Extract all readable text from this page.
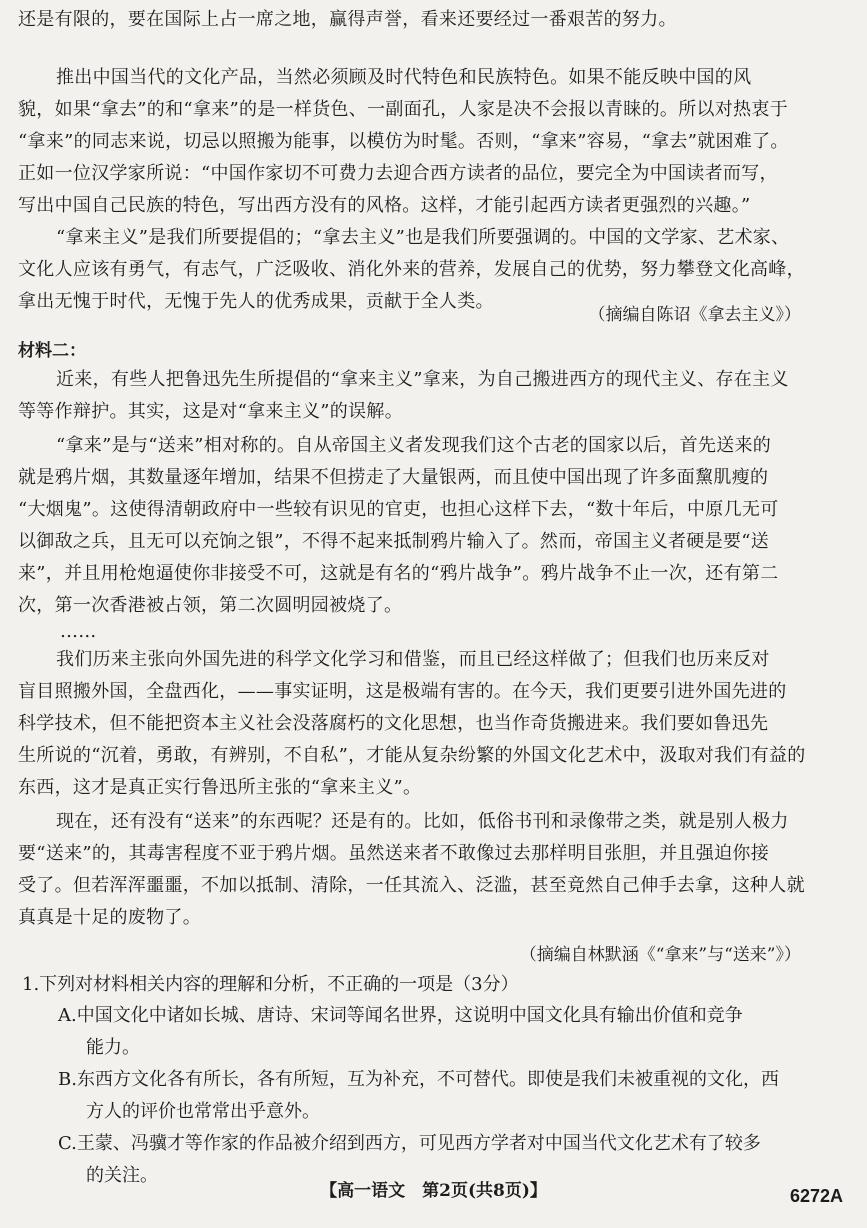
还是有限的，要在国际上占一席之地，赢得声誉，看来还要经过一番艰苦的努力。

推出中国当代的文化产品，当然必须顾及时代特色和民族特色。如果不能反映中国的风

貌，如果“拿去”的和“拿来”的是一样货色、一副面孔，人家是决不会报以青睐的。所以对热衷于

“拿来”的同志来说，切忌以照搬为能事，以模仿为时髦。否则，“拿来”容易，“拿去”就困难了。

正如一位汉学家所说：“中国作家切不可费力去迎合西方读者的品位，要完全为中国读者而写，

写出中国自己民族的特色，写出西方没有的风格。这样，才能引起西方读者更强烈的兴趣。”

“拿来主义”是我们所要提倡的；“拿去主义”也是我们所要强调的。中国的文学家、艺术家、

文化人应该有勇气，有志气，广泛吸收、消化外来的营养，发展自己的优势，努力攀登文化高峰，

拿出无愧于时代，无愧于先人的优秀成果，贡献于全人类。

（摘编自陈诏《拿去主义》）
材料二：

近来，有些人把鲁迅先生所提倡的“拿来主义”拿来，为自己搬进西方的现代主义、存在主义

等等作辩护。其实，这是对“拿来主义”的误解。

“拿来”是与“送来”相对称的。自从帝国主义者发现我们这个古老的国家以后，首先送来的

就是鸦片烟，其数量逐年增加，结果不但捞走了大量银两，而且使中国出现了许多面黧肌瘦的

“大烟鬼”。这使得清朝政府中一些较有识见的官吏，也担心这样下去，“数十年后，中原几无可

以御敌之兵，且无可以充饷之银”，不得不起来抵制鸦片输入了。然而，帝国主义者硬是要“送

来”，并且用枪炮逼使你非接受不可，这就是有名的“鸦片战争”。鸦片战争不止一次，还有第二

次，第一次香港被占领，第二次圆明园被烧了。

……

我们历来主张向外国先进的科学文化学习和借鉴，而且已经这样做了；但我们也历来反对

盲目照搬外国，全盘西化，——事实证明，这是极端有害的。在今天，我们更要引进外国先进的

科学技术，但不能把资本主义社会没落腐朽的文化思想，也当作奇货搬进来。我们要如鲁迅先

生所说的“沉着，勇敢，有辨别，不自私”，才能从复杂纷繁的外国文化艺术中，汲取对我们有益的

东西，这才是真正实行鲁迅所主张的“拿来主义”。

现在，还有没有“送来”的东西呢？还是有的。比如，低俗书刊和录像带之类，就是别人极力

要“送来”的，其毒害程度不亚于鸦片烟。虽然送来者不敢像过去那样明目张胆，并且强迫你接

受了。但若浑浑噩噩，不加以抵制、清除，一任其流入、泛滥，甚至竟然自己伸手去拿，这种人就

真真是十足的废物了。

（摘编自林默涵《“拿来”与“送来”》）
1.下列对材料相关内容的理解和分析，不正确的一项是（3分）
A.中国文化中诸如长城、唐诗、宋词等闻名世界，这说明中国文化具有输出价值和竞争
能力。
B.东西方文化各有所长，各有所短，互为补充，不可替代。即使是我们未被重视的文化，西
方人的评价也常常出乎意外。
C.王蒙、冯骥才等作家的作品被介绍到西方，可见西方学者对中国当代文化艺术有了较多
的关注。
【高一语文　第2页(共8页)】	6272A
